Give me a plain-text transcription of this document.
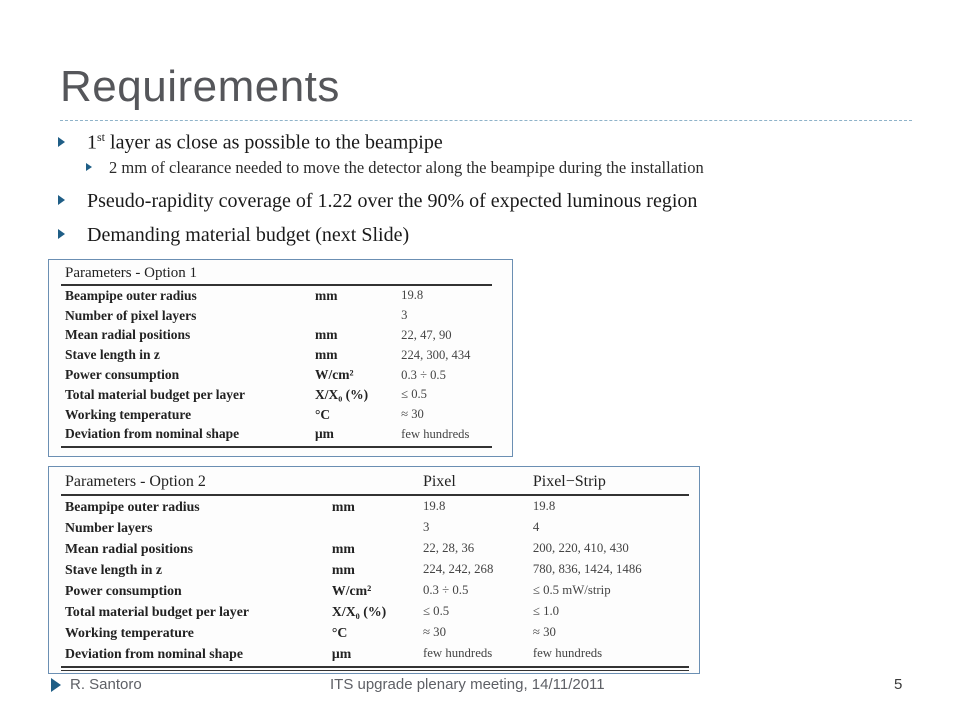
Requirements
1st layer as close as possible to the beampipe
2 mm of clearance needed to move the detector along the beampipe during the installation
Pseudo-rapidity coverage of 1.22 over the 90% of expected luminous region
Demanding material budget (next Slide)
Parameters - Option 1		

Beampipe outer radius	mm	19.8
Number of pixel layers		3
Mean radial positions	mm	22, 47, 90
Stave length in z	mm	224, 300, 434
Power consumption	W/cm²	0.3 ÷ 0.5
Total material budget per layer	X/X₀ (%)	≤ 0.5
Working temperature	°C	≈ 30
Deviation from nominal shape	μm	few hundreds
Parameters - Option 2		Pixel	Pixel−Strip

Beampipe outer radius	mm	19.8	19.8
Number layers		3	4
Mean radial positions	mm	22, 28, 36	200, 220, 410, 430
Stave length in z	mm	224, 242, 268	780, 836, 1424, 1486
Power consumption	W/cm²	0.3 ÷ 0.5	≤ 0.5 mW/strip
Total material budget per layer	X/X₀ (%)	≤ 0.5	≤ 1.0
Working temperature	°C	≈ 30	≈ 30
Deviation from nominal shape	μm	few hundreds	few hundreds
R. Santoro	ITS upgrade plenary meeting, 14/11/2011	5
